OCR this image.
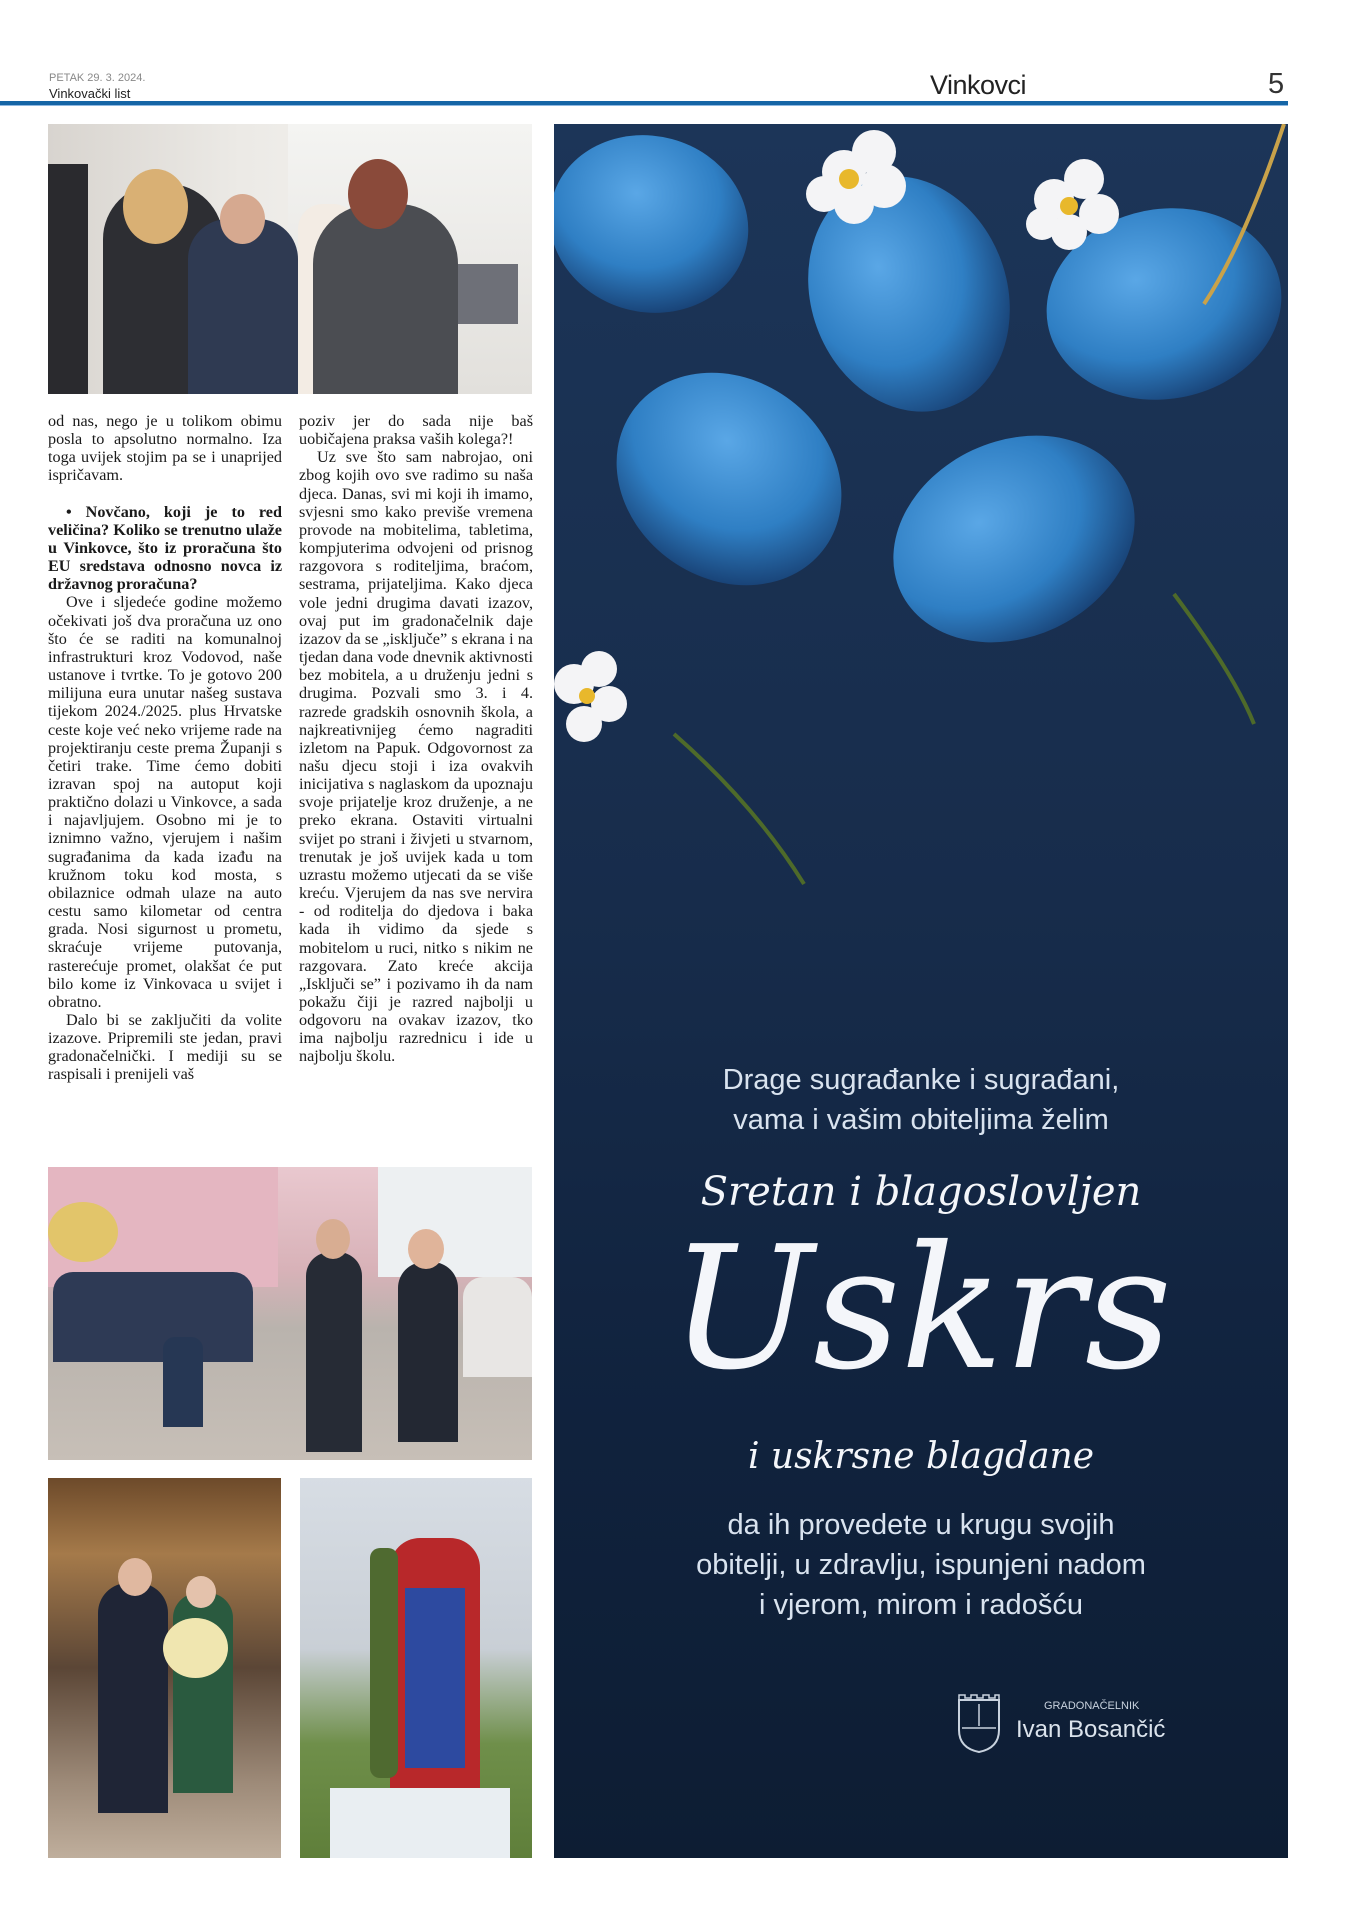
PETAK 29. 3. 2024.
Vinkovački list	Vinkovci	5

od nas, nego je u tolikom obimu posla to apsolutno normalno. Iza toga uvijek stojim pa se i unaprijed ispričavam.

• Novčano, koji je to red veličina? Koliko se trenutno ulaže u Vinkovce, što iz proračuna što EU sredstava odnosno novca iz državnog proračuna?

Ove i sljedeće godine možemo očekivati još dva proračuna uz ono što će se raditi na komunalnoj infrastrukturi kroz Vodovod, naše ustanove i tvrtke. To je gotovo 200 milijuna eura unutar našeg sustava tijekom 2024./2025. plus Hrvatske ceste koje već neko vrijeme rade na projektiranju ceste prema Županji s četiri trake. Time ćemo dobiti izravan spoj na autoput koji praktično dolazi u Vinkovce, a sada i najavljujem. Osobno mi je to iznimno važno, vjerujem i našim sugrađanima da kada izađu na kružnom toku kod mosta, s obilaznice odmah ulaze na auto cestu samo kilometar od centra grada. Nosi sigurnost u prometu, skraćuje vrijeme putovanja, rasterećuje promet, olakšat će put bilo kome iz Vinkovaca u svijet i obratno.

Dalo bi se zaključiti da volite izazove. Pripremili ste jedan, pravi gradonačelnički. I mediji su se raspisali i prenijeli vaš

poziv jer do sada nije baš uobičajena praksa vaših kolega?!

Uz sve što sam nabrojao, oni zbog kojih ovo sve radimo su naša djeca. Danas, svi mi koji ih imamo, svjesni smo kako previše vremena provode na mobitelima, tabletima, kompjuterima odvojeni od prisnog razgovora s roditeljima, braćom, sestrama, prijateljima. Kako djeca vole jedni drugima davati izazov, ovaj put im gradonačelnik daje izazov da se „isključe” s ekrana i na tjedan dana vode dnevnik aktivnosti bez mobitela, a u druženju jedni s drugima. Pozvali smo 3. i 4. razrede gradskih osnovnih škola, a najkreativnijeg ćemo nagraditi izletom na Papuk. Odgovornost za našu djecu stoji i iza ovakvih inicijativa s naglaskom da upoznaju svoje prijatelje kroz druženje, a ne preko ekrana. Ostaviti virtualni svijet po strani i živjeti u stvarnom, trenutak je još uvijek kada u tom uzrastu možemo utjecati da se više kreću. Vjerujem da nas sve nervira - od roditelja do djedova i baka kada ih vidimo da sjede s mobitelom u ruci, nitko s nikim ne razgovara. Zato kreće akcija „Isključi se” i pozivamo ih da nam pokažu čiji je razred najbolji u odgovoru na ovakav izazov, tko ima najbolju razrednicu i ide u najbolju školu.

Drage sugrađanke i sugrađani,
vama i vašim obiteljima želim
Sretan i blagoslovljen
Uskrs
i uskrsne blagdane
da ih provedete u krugu svojih
obitelji, u zdravlju, ispunjeni nadom
i vjerom, mirom i radošću
GRADONAČELNIK
Ivan Bosančić
